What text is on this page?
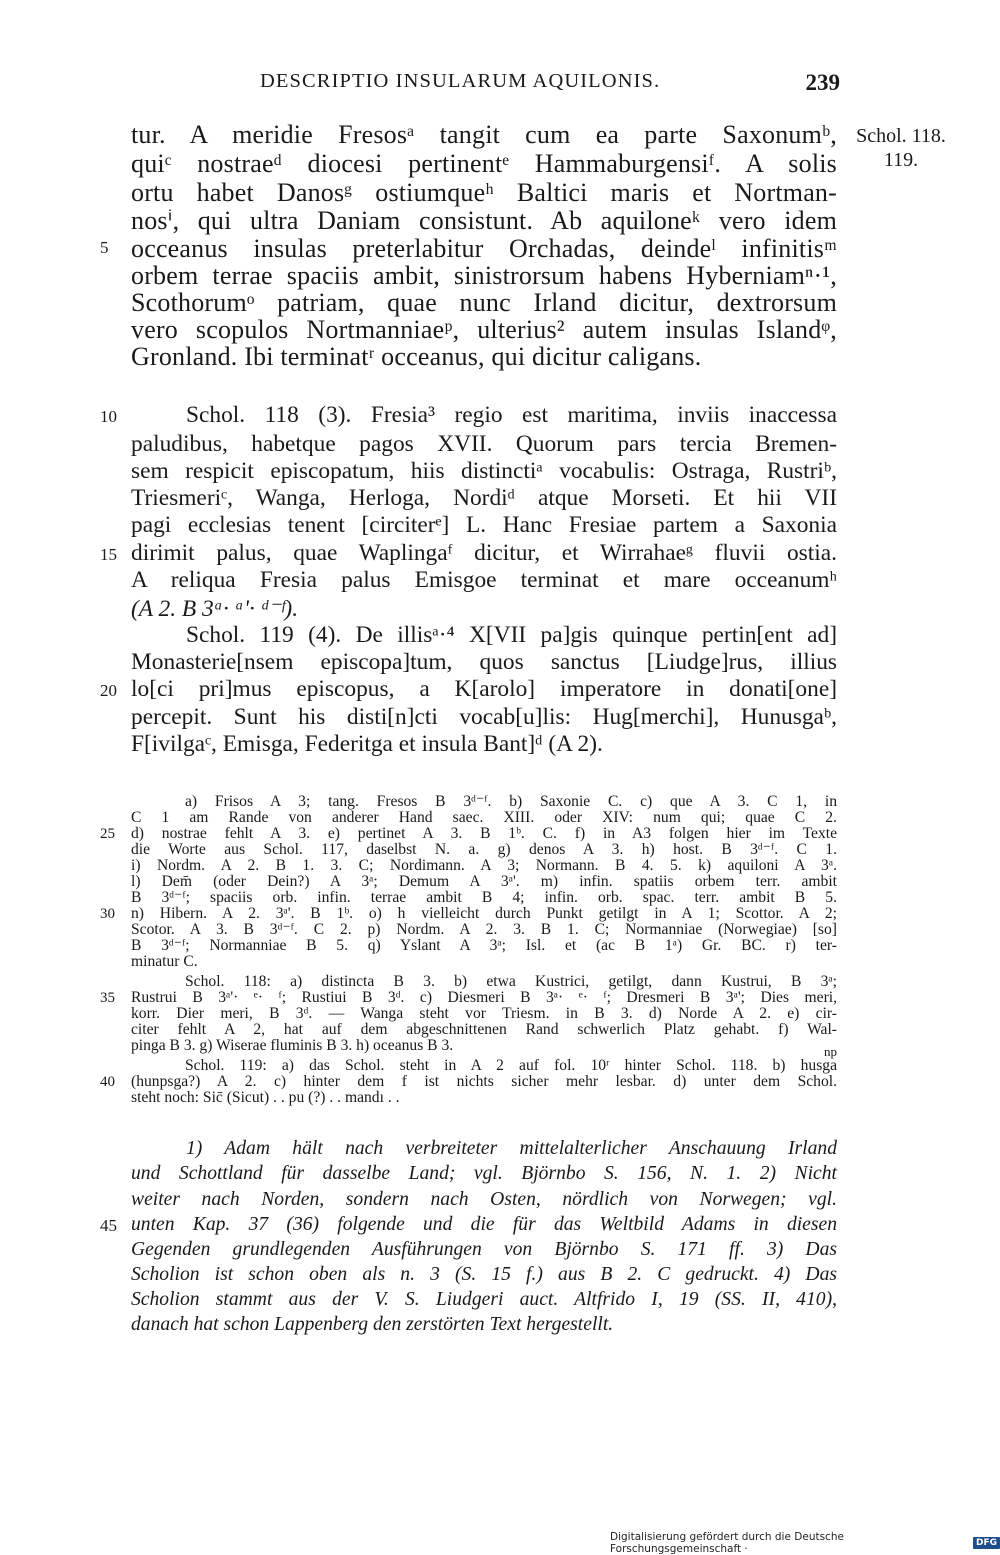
DESCRIPTIO INSULARUM AQUILONIS.	239
Schol. 118.
119.
tur. A meridie Fresosᵃ tangit cum ea parte Saxonumᵇ,
quiᶜ nostraeᵈ diocesi pertinentᵉ Hammaburgensiᶠ. A solis
ortu habet Danosᵍ ostiumqueʰ Baltici maris et Nortman-
nosⁱ, qui ultra Daniam consistunt. Ab aquiloneᵏ vero idem
5 occeanus insulas preterlabitur Orchadas, deindeˡ infinitisᵐ
orbem terrae spaciis ambit, sinistrorsum habens Hyberniamⁿ·¹,
Scothorumᵒ patriam, quae nunc Irland dicitur, dextrorsum
vero scopulos Nortmanniaeᵖ, ulterius² autem insulas Islandᵠ,
Gronland. Ibi terminatʳ occeanus, qui dicitur caligans.
10	Schol. 118 (3). Fresia³ regio est maritima, inviis inaccessa
paludibus, habetque pagos XVII. Quorum pars tercia Bremen-
sem respicit episcopatum, hiis distinctiᵃ vocabulis: Ostraga, Rustriᵇ,
Triesmeriᶜ, Wanga, Herloga, Nordiᵈ atque Morseti. Et hii VII
pagi ecclesias tenent [circiterᵉ] L. Hanc Fresiae partem a Saxonia
15 dirimit palus, quae Waplingaᶠ dicitur, et Wirrahaeᵍ fluvii ostia.
A reliqua Fresia palus Emisgoe terminat et mare occeanumʰ
(A 2. B 3ᵃ· ᵃ'· ᵈ⁻ᶠ).
Schol. 119 (4). De illisᵃ·⁴ X[VII pa]gis quinque pertin[ent ad]
Monasterie[nsem episcopa]tum, quos sanctus [Liudge]rus, illius
20 lo[ci pri]mus episcopus, a K[arolo] imperatore in donati[one]
percepit. Sunt his disti[n]cti vocab[u]lis: Hug[merchi], Hunusgaᵇ,
F[ivilgaᶜ, Emisga, Federitga et insula Bant]ᵈ (A 2).
a) Frisos A 3; tang. Fresos B 3ᵈ⁻ᶠ. b) Saxonie C. c) que A 3. C 1, in
C 1 am Rande von anderer Hand saec. XIII. oder XIV: num qui; quae C 2.
25	d) nostrae fehlt A 3. e) pertinet A 3. B 1ᵇ. C. f) in A3 folgen hier im Texte
die Worte aus Schol. 117, daselbst N. a. g) denos A 3. h) host. B 3ᵈ⁻ᶠ. C 1.
i) Nordm. A 2. B 1. 3. C; Nordimann. A 3; Normann. B 4. 5. k) aquiloni A 3ᵃ.
l) Dem̄ (oder Dein?) A 3ᵃ; Demum A 3ᵃ'. m) infin. spatiis orbem terr. ambit
B 3ᵈ⁻ᶠ; spaciis orb. infin. terrae ambit B 4; infin. orb. spac. terr. ambit B 5.
30	n) Hibern. A 2. 3ᵃ'. B 1ᵇ. o) h vielleicht durch Punkt getilgt in A 1; Scottor. A 2;
Scotor. A 3. B 3ᵈ⁻ᶠ. C 2. p) Nordm. A 2. 3. B 1. C; Normanniae (Norwegiae) [so]
B 3ᵈ⁻ᶠ; Normanniae B 5. q) Yslant A 3ᵃ; Isl. et (ac B 1ᵃ) Gr. BC. r) ter-
minatur C.
Schol. 118: a) distincta B 3. b) etwa Kustrici, getilgt, dann Kustrui, B 3ᵃ;
35	Rustrui B 3ᵃ'· ᵉ· ᶠ; Rustiui B 3ᵈ. c) Diesmeri B 3ᵃ· ᵉ· ᶠ; Dresmeri B 3ᵃ'; Dies meri,
korr. Dier meri, B 3ᵈ. — Wanga steht vor Triesm. in B 3. d) Norde A 2. e) cir-
citer fehlt A 2, hat auf dem abgeschnittenen Rand schwerlich Platz gehabt. f) Wal-
pinga B 3. g) Wiserae fluminis B 3. h) oceanus B 3.	np
Schol. 119: a) das Schol. steht in A 2 auf fol. 10ʳ hinter Schol. 118. b) husga
40	(hunpsga?) A 2. c) hinter dem f ist nichts sicher mehr lesbar. d) unter dem Schol.
steht noch: Sic̄ (Sicut) . . pu (?) . . mandı . .
1) Adam hält nach verbreiteter mittelalterlicher Anschauung Irland
und Schottland für dasselbe Land; vgl. Björnbo S. 156, N. 1. 2) Nicht
weiter nach Norden, sondern nach Osten, nördlich von Norwegen; vgl.
45 unten Kap. 37 (36) folgende und die für das Weltbild Adams in diesen
Gegenden grundlegenden Ausführungen von Björnbo S. 171 ff. 3) Das
Scholion ist schon oben als n. 3 (S. 15 f.) aus B 2. C gedruckt. 4) Das
Scholion stammt aus der V. S. Liudgeri auct. Altfrido I, 19 (SS. II, 410),
danach hat schon Lappenberg den zerstörten Text hergestellt.
Digitalisierung gefördert durch die Deutsche Forschungsgemeinschaft ·	DFG
